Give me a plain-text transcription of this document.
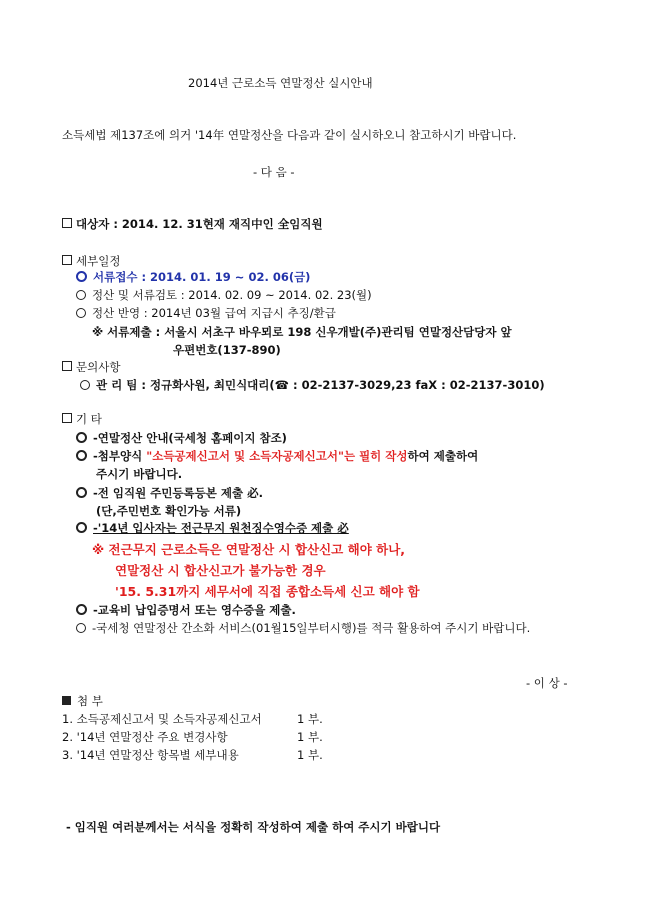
2014년 근로소득 연말정산 실시안내
소득세법 제137조에 의거 '14年 연말정산을 다음과 같이 실시하오니 참고하시기 바랍니다.
- 다 음 -
대상자 : 2014. 12. 31현재 재직中인 全임직원
세부일정
서류접수 : 2014. 01. 19 ~ 02. 06(금)
정산 및 서류검토 : 2014. 02. 09 ~ 2014. 02. 23(월)
정산 반영 : 2014년 03월 급여 지급시 추징/환급
※ 서류제출 : 서울시 서초구 바우뫼로 198 신우개발(주)관리팀 연말정산담당자 앞
우편번호(137-890)
문의사항
관 리 팀 : 정규화사원, 최민식대리(☎ : 02-2137-3029,23 faX : 02-2137-3010)
기 타
-연말정산 안내(국세청 홈페이지 참조)
-첨부양식 "소득공제신고서 및 소득자공제신고서"는 필히 작성하여 제출하여
주시기 바랍니다.
-전 임직원 주민등록등본 제출 必.
(단,주민번호 확인가능 서류)
-'14년 입사자는 전근무지 원천징수영수증 제출 必
※ 전근무지 근로소득은 연말정산 시 합산신고 해야 하나,
연말정산 시 합산신고가 불가능한 경우
'15. 5.31까지 세무서에 직접 종합소득세 신고 해야 함
-교육비 납입증명서 또는 영수증을 제출.
-국세청 연말정산 간소화 서비스(01월15일부터시행)를 적극 활용하여 주시기 바랍니다.
- 이 상 -
첨 부
1. 소득공제신고서 및 소득자공제신고서	1 부.
2. '14년 연말정산 주요 변경사항	1 부.
3. '14년 연말정산 항목별 세부내용	1 부.
- 임직원 여러분께서는 서식을 정확히 작성하여 제출 하여 주시기 바랍니다
